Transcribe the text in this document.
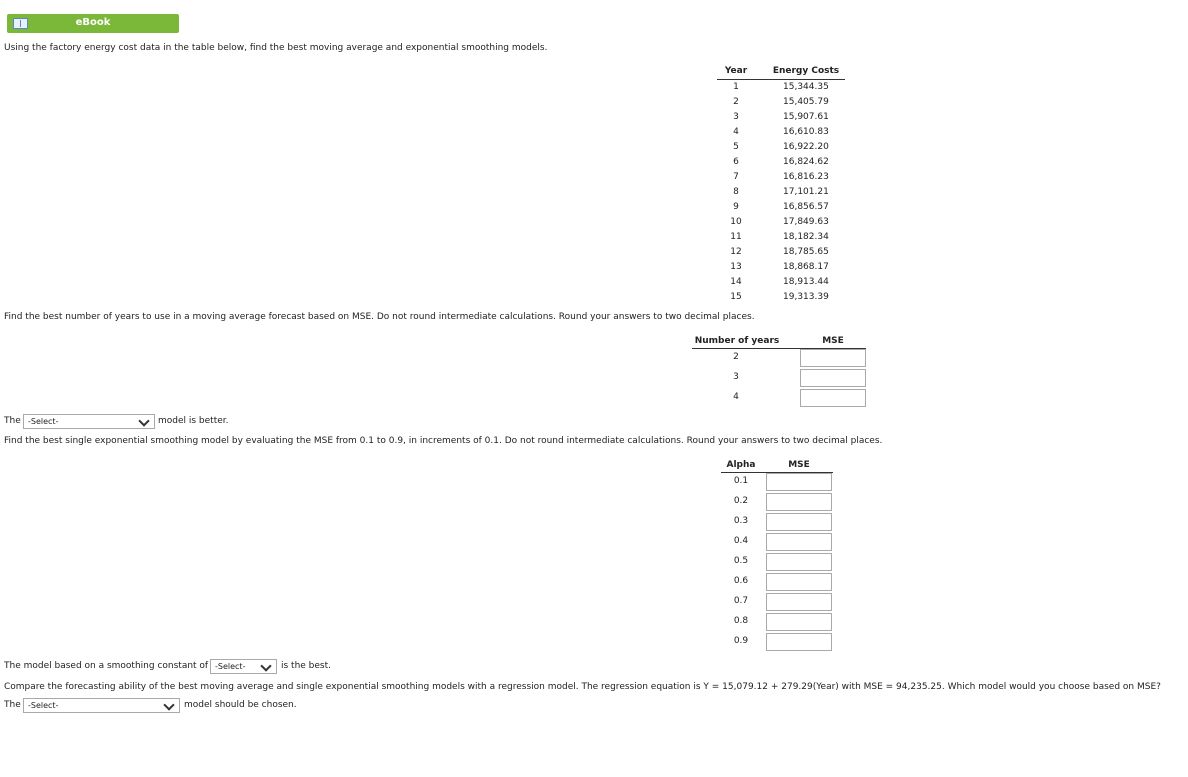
eBook
Using the factory energy cost data in the table below, find the best moving average and exponential smoothing models.
Year	Energy Costs
1	15,344.35
2	15,405.79
3	15,907.61
4	16,610.83
5	16,922.20
6	16,824.62
7	16,816.23
8	17,101.21
9	16,856.57
10	17,849.63
11	18,182.34
12	18,785.65
13	18,868.17
14	18,913.44
15	19,313.39
Find the best number of years to use in a moving average forecast based on MSE. Do not round intermediate calculations. Round your answers to two decimal places.
Number of years	MSE
2
3
4
The -Select-	model is better.
Find the best single exponential smoothing model by evaluating the MSE from 0.1 to 0.9, in increments of 0.1. Do not round intermediate calculations. Round your answers to two decimal places.
Alpha	MSE
0.1
0.2
0.3
0.4
0.5
0.6
0.7
0.8
0.9
The model based on a smoothing constant of -Select-	is the best.
Compare the forecasting ability of the best moving average and single exponential smoothing models with a regression model. The regression equation is Y = 15,079.12 + 279.29(Year) with MSE = 94,235.25. Which model would you choose based on MSE?
The -Select-	model should be chosen.
